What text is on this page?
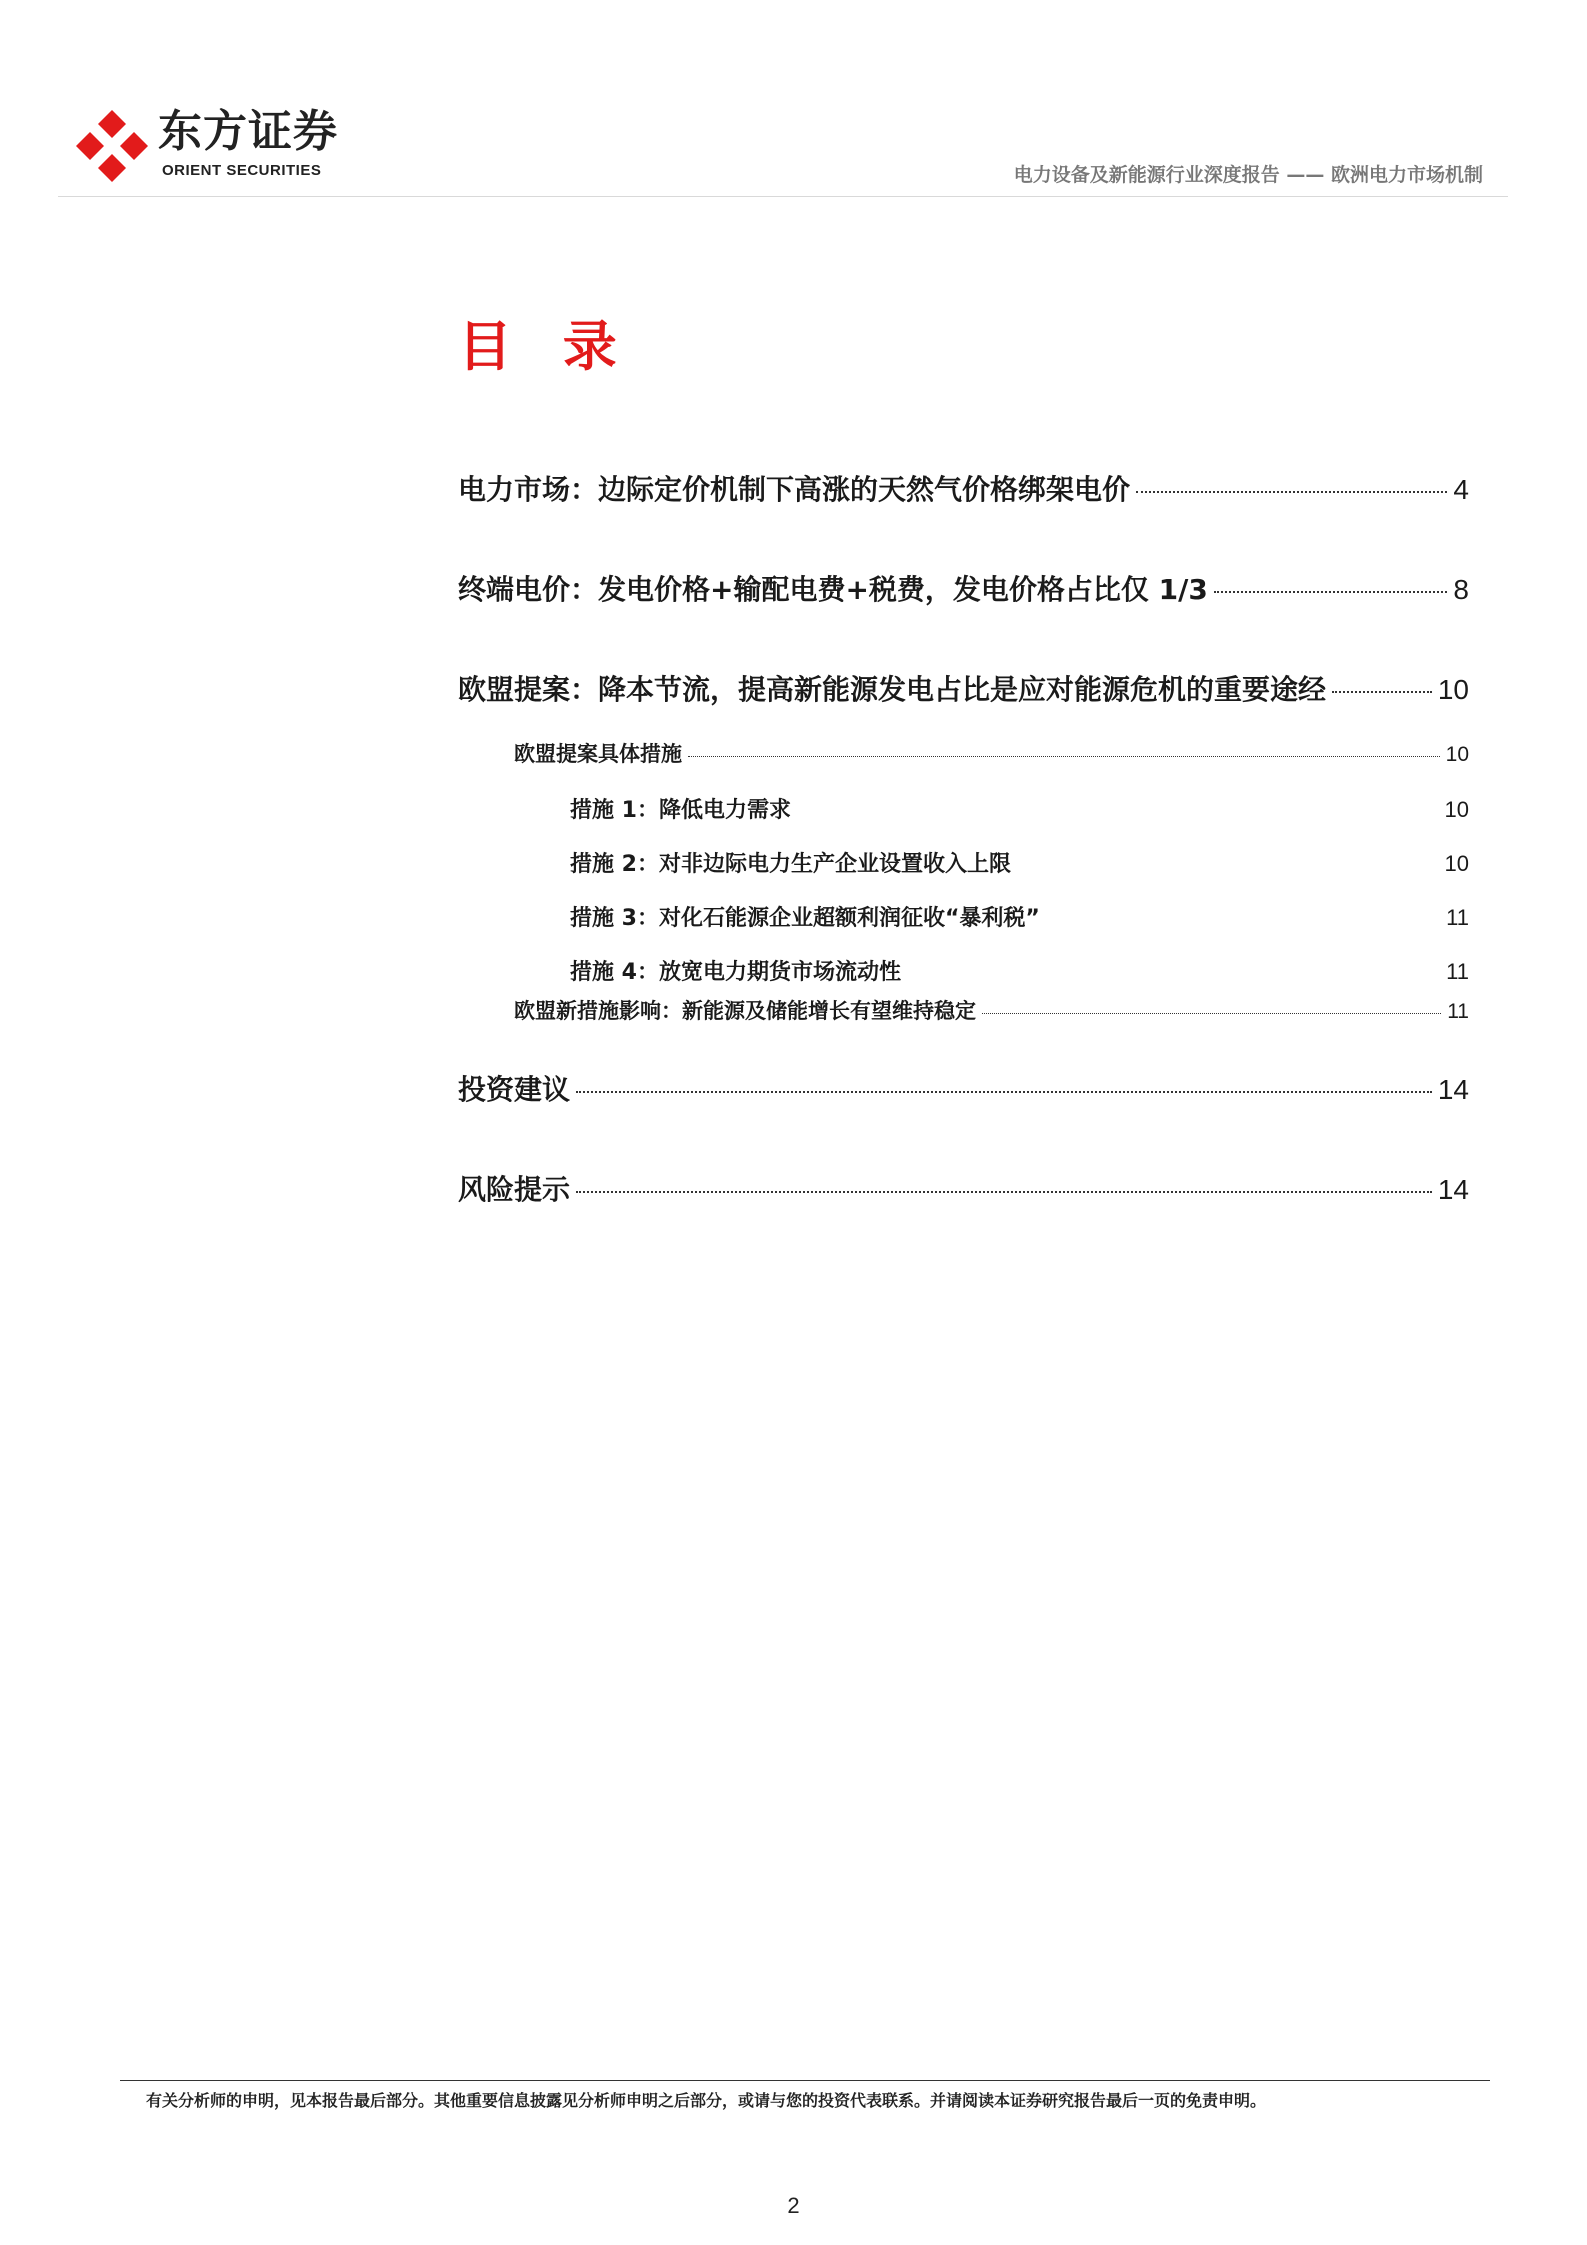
东方证券
ORIENT SECURITIES	电力设备及新能源行业深度报告 —— 欧洲电力市场机制
目 录
电力市场：边际定价机制下高涨的天然气价格绑架电价	4
终端电价：发电价格+输配电费+税费，发电价格占比仅 1/3	8
欧盟提案：降本节流，提高新能源发电占比是应对能源危机的重要途经	10
欧盟提案具体措施	10
措施 1：降低电力需求	10
措施 2：对非边际电力生产企业设置收入上限	10
措施 3：对化石能源企业超额利润征收“暴利税”	11
措施 4：放宽电力期货市场流动性	11
欧盟新措施影响：新能源及储能增长有望维持稳定	11
投资建议	14
风险提示	14
有关分析师的申明，见本报告最后部分。其他重要信息披露见分析师申明之后部分，或请与您的投资代表联系。并请阅读本证券研究报告最后一页的免责申明。
2
